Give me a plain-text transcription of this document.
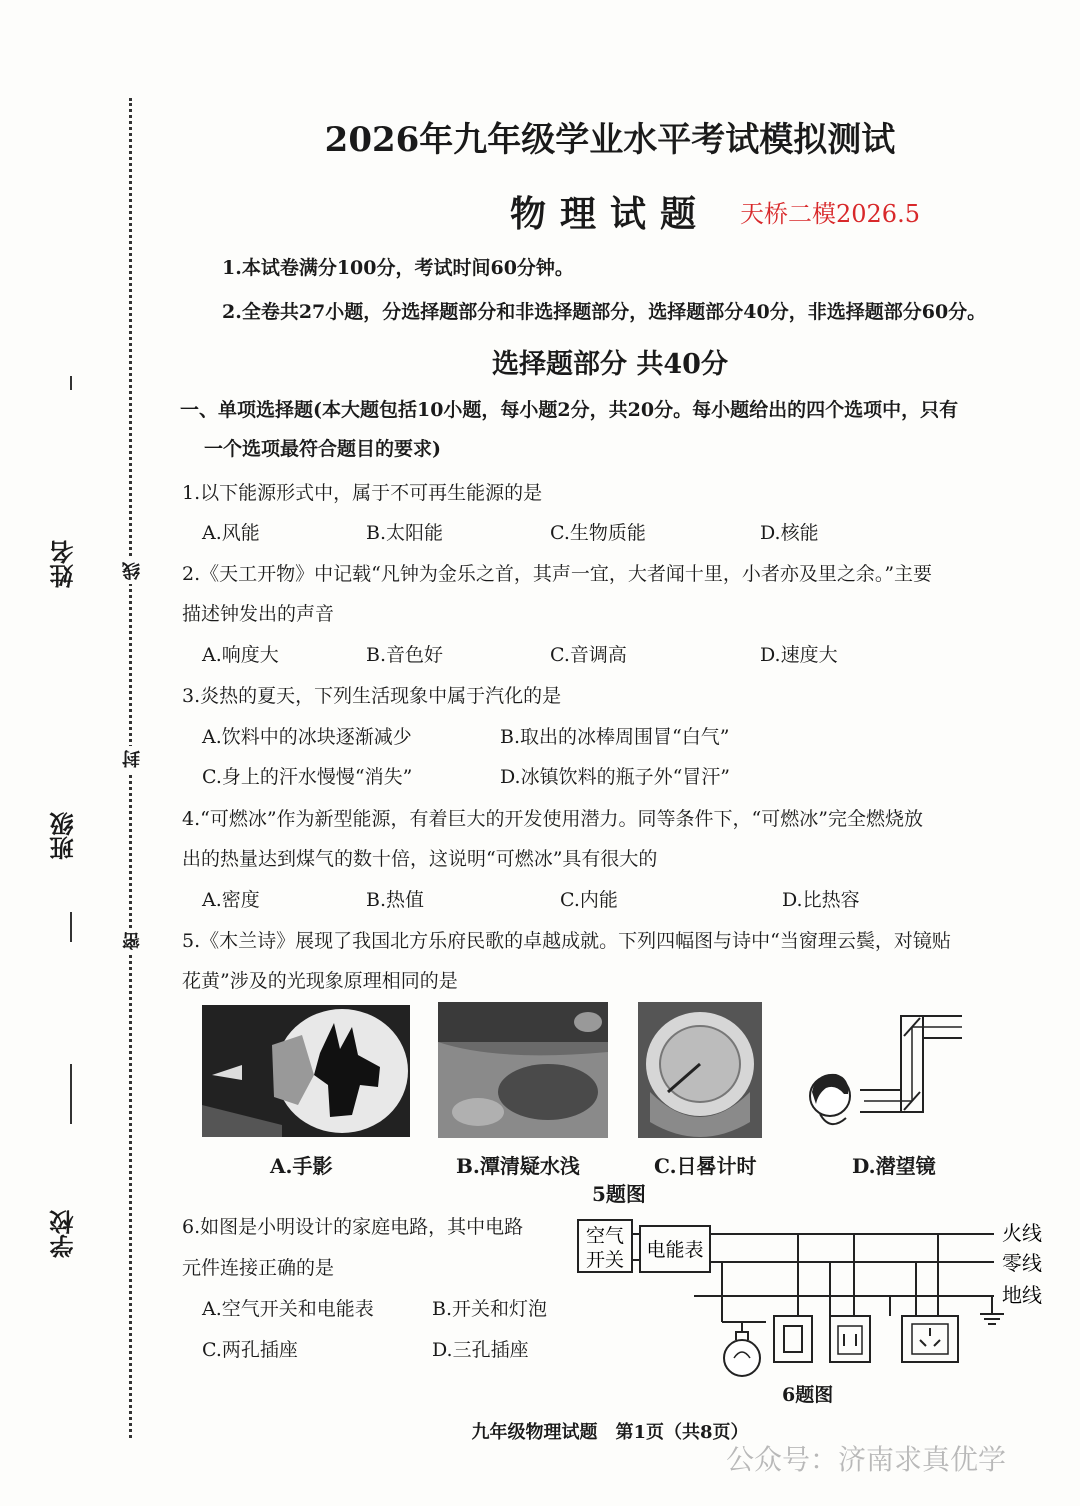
线
封
密
姓名
班级
学校
2026年九年级学业水平考试模拟测试
物理试题 天桥二模2026.5
1.本试卷满分100分，考试时间60分钟。
2.全卷共27小题，分选择题部分和非选择题部分，选择题部分40分，非选择题部分60分。
选择题部分 共40分
一、单项选择题(本大题包括10小题，每小题2分，共20分。每小题给出的四个选项中，只有
一个选项最符合题目的要求)
1.以下能源形式中，属于不可再生能源的是
A.风能	B.太阳能	C.生物质能	D.核能
2.《天工开物》中记载“凡钟为金乐之首，其声一宜，大者闻十里，小者亦及里之余。”主要
描述钟发出的声音
A.响度大	B.音色好	C.音调高	D.速度大
3.炎热的夏天，下列生活现象中属于汽化的是
A.饮料中的冰块逐渐减少	B.取出的冰棒周围冒“白气”
C.身上的汗水慢慢“消失”	D.冰镇饮料的瓶子外“冒汗”
4.“可燃冰”作为新型能源，有着巨大的开发使用潜力。同等条件下，“可燃冰”完全燃烧放
出的热量达到煤气的数十倍，这说明“可燃冰”具有很大的
A.密度	B.热值	C.内能	D.比热容
5.《木兰诗》展现了我国北方乐府民歌的卓越成就。下列四幅图与诗中“当窗理云鬓，对镜贴
花黄”涉及的光现象原理相同的是
A.手影	B.潭清疑水浅	C.日晷计时	D.潜望镜
5题图
6.如图是小明设计的家庭电路，其中电路
元件连接正确的是
A.空气开关和电能表	B.开关和灯泡
C.两孔插座	D.三孔插座
空气
开关 电能表
火线
零线
地线
6题图
九年级物理试题　第1页（共8页）
公众号：济南求真优学
